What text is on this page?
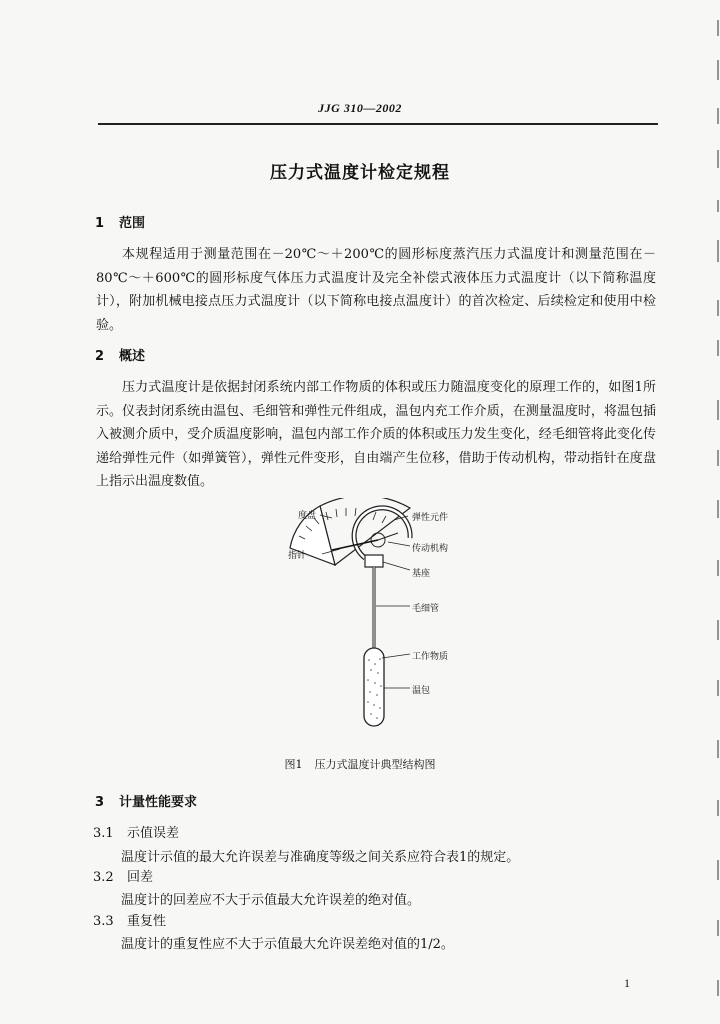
JJG 310—2002
压力式温度计检定规程
1 范围

本规程适用于测量范围在－20℃～＋200℃的圆形标度蒸汽压力式温度计和测量范围在－80℃～＋600℃的圆形标度气体压力式温度计及完全补偿式液体压力式温度计（以下简称温度计），附加机械电接点压力式温度计（以下简称电接点温度计）的首次检定、后续检定和使用中检验。

2 概述

压力式温度计是依据封闭系统内部工作物质的体积或压力随温度变化的原理工作的，如图1所示。仪表封闭系统由温包、毛细管和弹性元件组成，温包内充工作介质，在测量温度时，将温包插入被测介质中，受介质温度影响，温包内部工作介质的体积或压力发生变化，经毛细管将此变化传递给弹性元件（如弹簧管），弹性元件变形，自由端产生位移，借助于传动机构，带动指针在度盘上指示出温度数值。

度盘
指针
弹性元件
传动机构
基座
毛细管
工作物质
温包
图1 压力式温度计典型结构图
3 计量性能要求
3.1 示值误差
温度计示值的最大允许误差与准确度等级之间关系应符合表1的规定。
3.2 回差
温度计的回差应不大于示值最大允许误差的绝对值。
3.3 重复性
温度计的重复性应不大于示值最大允许误差绝对值的1/2。
1
